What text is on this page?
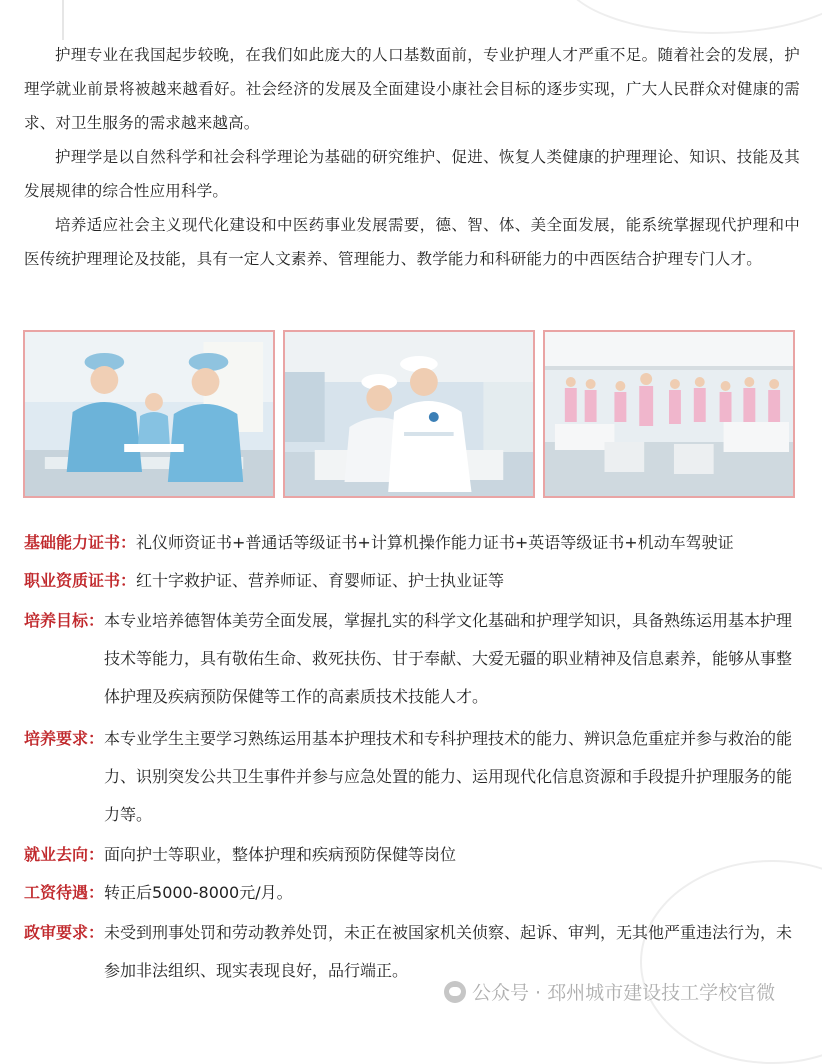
护理专业在我国起步较晚，在我们如此庞大的人口基数面前，专业护理人才严重不足。随着社会的发展，护理学就业前景将被越来越看好。社会经济的发展及全面建设小康社会目标的逐步实现，广大人民群众对健康的需求、对卫生服务的需求越来越高。

护理学是以自然科学和社会科学理论为基础的研究维护、促进、恢复人类健康的护理理论、知识、技能及其发展规律的综合性应用科学。

培养适应社会主义现代化建设和中医药事业发展需要，德、智、体、美全面发展，能系统掌握现代护理和中医传统护理理论及技能，具有一定人文素养、管理能力、教学能力和科研能力的中西医结合护理专门人才。

基础能力证书： 礼仪师资证书+普通话等级证书+计算机操作能力证书+英语等级证书+机动车驾驶证
职业资质证书： 红十字救护证、营养师证、育婴师证、护士执业证等
培养目标： 本专业培养德智体美劳全面发展，掌握扎实的科学文化基础和护理学知识，具备熟练运用基本护理技术等能力，具有敬佑生命、救死扶伤、甘于奉献、大爱无疆的职业精神及信息素养，能够从事整体护理及疾病预防保健等工作的高素质技术技能人才。
培养要求： 本专业学生主要学习熟练运用基本护理技术和专科护理技术的能力、辨识急危重症并参与救治的能力、识别突发公共卫生事件并参与应急处置的能力、运用现代化信息资源和手段提升护理服务的能力等。
就业去向： 面向护士等职业，整体护理和疾病预防保健等岗位
工资待遇： 转正后5000-8000元/月。
政审要求： 未受到刑事处罚和劳动教养处罚，未正在被国家机关侦察、起诉、审判，无其他严重违法行为，未参加非法组织、现实表现良好，品行端正。
公众号 · 邳州城市建设技工学校官微
